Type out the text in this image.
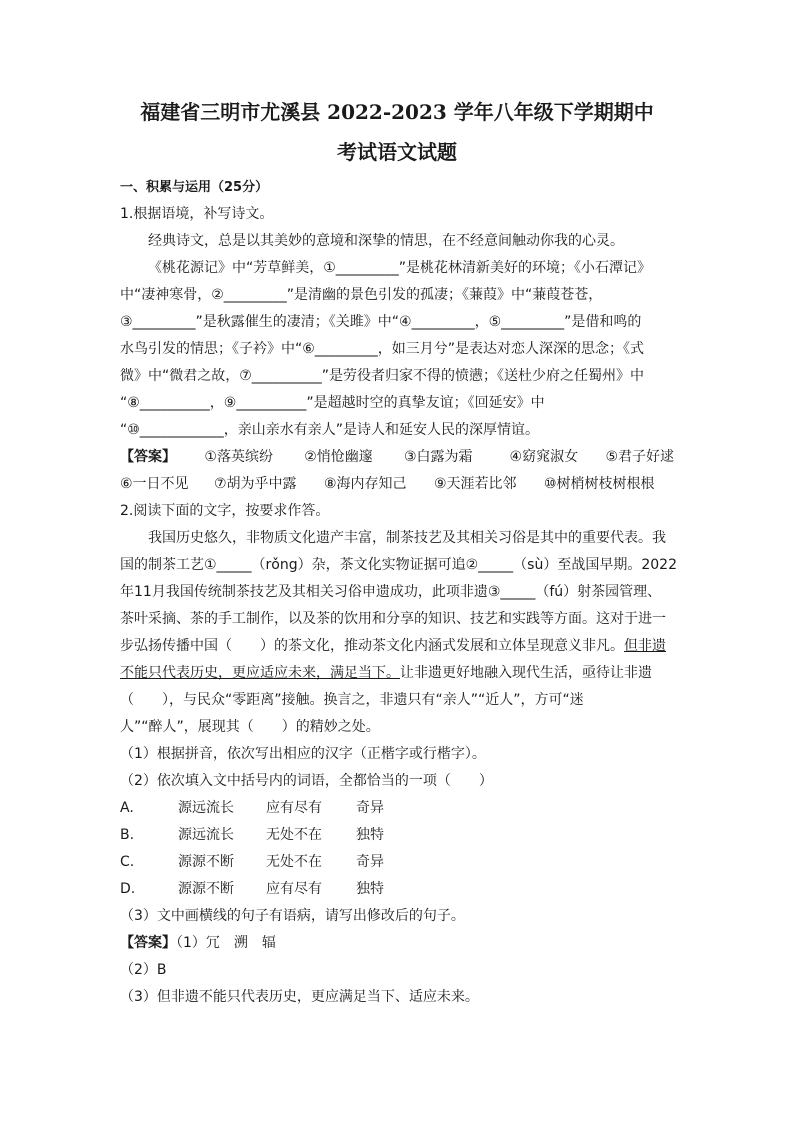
福建省三明市尤溪县 2022-2023 学年八年级下学期期中
考试语文试题
一、积累与运用（25分）
1.根据语境，补写诗文。
经典诗文，总是以其美妙的意境和深挚的情思，在不经意间触动你我的心灵。
《桃花源记》中“芳草鲜美，①_________”是桃花林清新美好的环境；《小石潭记》
中“凄神寒骨，②_________”是清幽的景色引发的孤凄；《蒹葭》中“蒹葭苍苍，
③_________”是秋露催生的凄清；《关雎》中“④_________，⑤_________”是借和鸣的
水鸟引发的情思；《子衿》中“⑥_________，如三月兮”是表达对恋人深深的思念；《式
微》中“微君之故，⑦__________”是劳役者归家不得的愤懑；《送杜少府之任蜀州》中
“⑧__________，⑨__________”是超越时空的真挚友谊；《回延安》中
“⑩____________，亲山亲水有亲人”是诗人和延安人民的深厚情谊。
【答案】	①落英缤纷	②悄怆幽邃	③白露为霜	④窈窕淑女	⑤君子好逑
⑥一日不见	⑦胡为乎中露	⑧海内存知己	⑨天涯若比邻	⑩树梢树枝树根根
2.阅读下面的文字，按要求作答。
我国历史悠久，非物质文化遗产丰富，制茶技艺及其相关习俗是其中的重要代表。我
国的制茶工艺①_____（rǒng）杂，茶文化实物证据可追②_____（sù）至战国早期。2022
年11月我国传统制茶技艺及其相关习俗申遗成功，此项非遗③_____（fú）射茶园管理、
茶叶采摘、茶的手工制作，以及茶的饮用和分享的知识、技艺和实践等方面。这对于进一
步弘扬传播中国（　　）的茶文化，推动茶文化内涵式发展和立体呈现意义非凡。但非遗
不能只代表历史，更应适应未来，满足当下。让非遗更好地融入现代生活，亟待让非遗
（　　），与民众“零距离”接触。换言之，非遗只有“亲人”“近人”，方可“迷
人”“醉人”，展现其（　　）的精妙之处。
（1）根据拼音，依次写出相应的汉字（正楷字或行楷字）。
（2）依次填入文中括号内的词语，全都恰当的一项（　　）
A.	源远流长 应有尽有 奇异
B.	源远流长 无处不在 独特
C.	源源不断 无处不在 奇异
D.	源源不断 应有尽有 独特
（3）文中画横线的句子有语病，请写出修改后的句子。
【答案】（1）冗　溯　辐
（2）B
（3）但非遗不能只代表历史，更应满足当下、适应未来。
